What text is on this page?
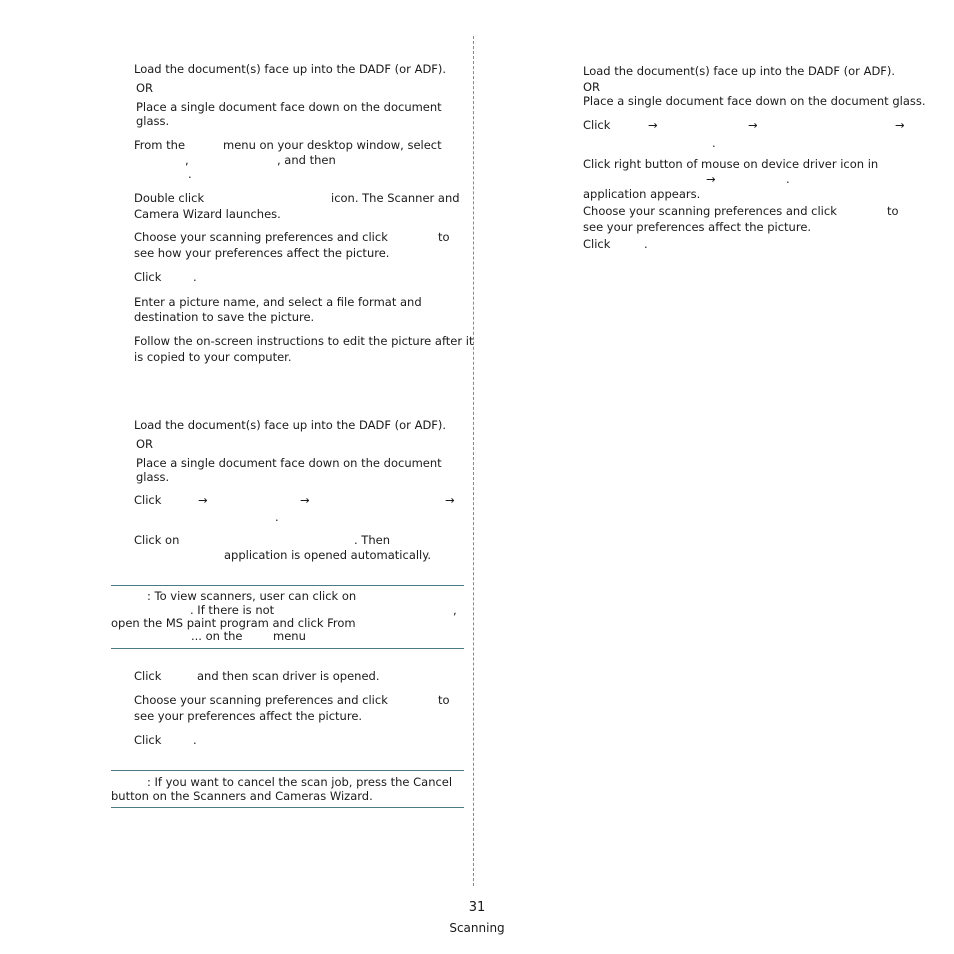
Load the document(s) face up into the DADF (or ADF).
OR
Place a single document face down on the document
glass.
From the	menu on your desktop window, select
,	, and then
.
Double click	icon. The Scanner and
Camera Wizard launches.
Choose your scanning preferences and click	to
see how your preferences affect the picture.
Click	.
Enter a picture name, and select a file format and
destination to save the picture.
Follow the on-screen instructions to edit the picture after it
is copied to your computer.
Load the document(s) face up into the DADF (or ADF).
OR
Place a single document face down on the document
glass.
Click	→	→	→
.
Click on	. Then
application is opened automatically.
: To view scanners, user can click on
. If there is not	,
open the MS paint program and click From
... on the	menu
Click	and then scan driver is opened.
Choose your scanning preferences and click	to
see your preferences affect the picture.
Click	.
: If you want to cancel the scan job, press the Cancel
button on the Scanners and Cameras Wizard.
Load the document(s) face up into the DADF (or ADF).
OR
Place a single document face down on the document glass.
Click	→	→	→
.
Click right button of mouse on device driver icon in
→	.
application appears.
Choose your scanning preferences and click	to
see your preferences affect the picture.
Click	.
31
Scanning
